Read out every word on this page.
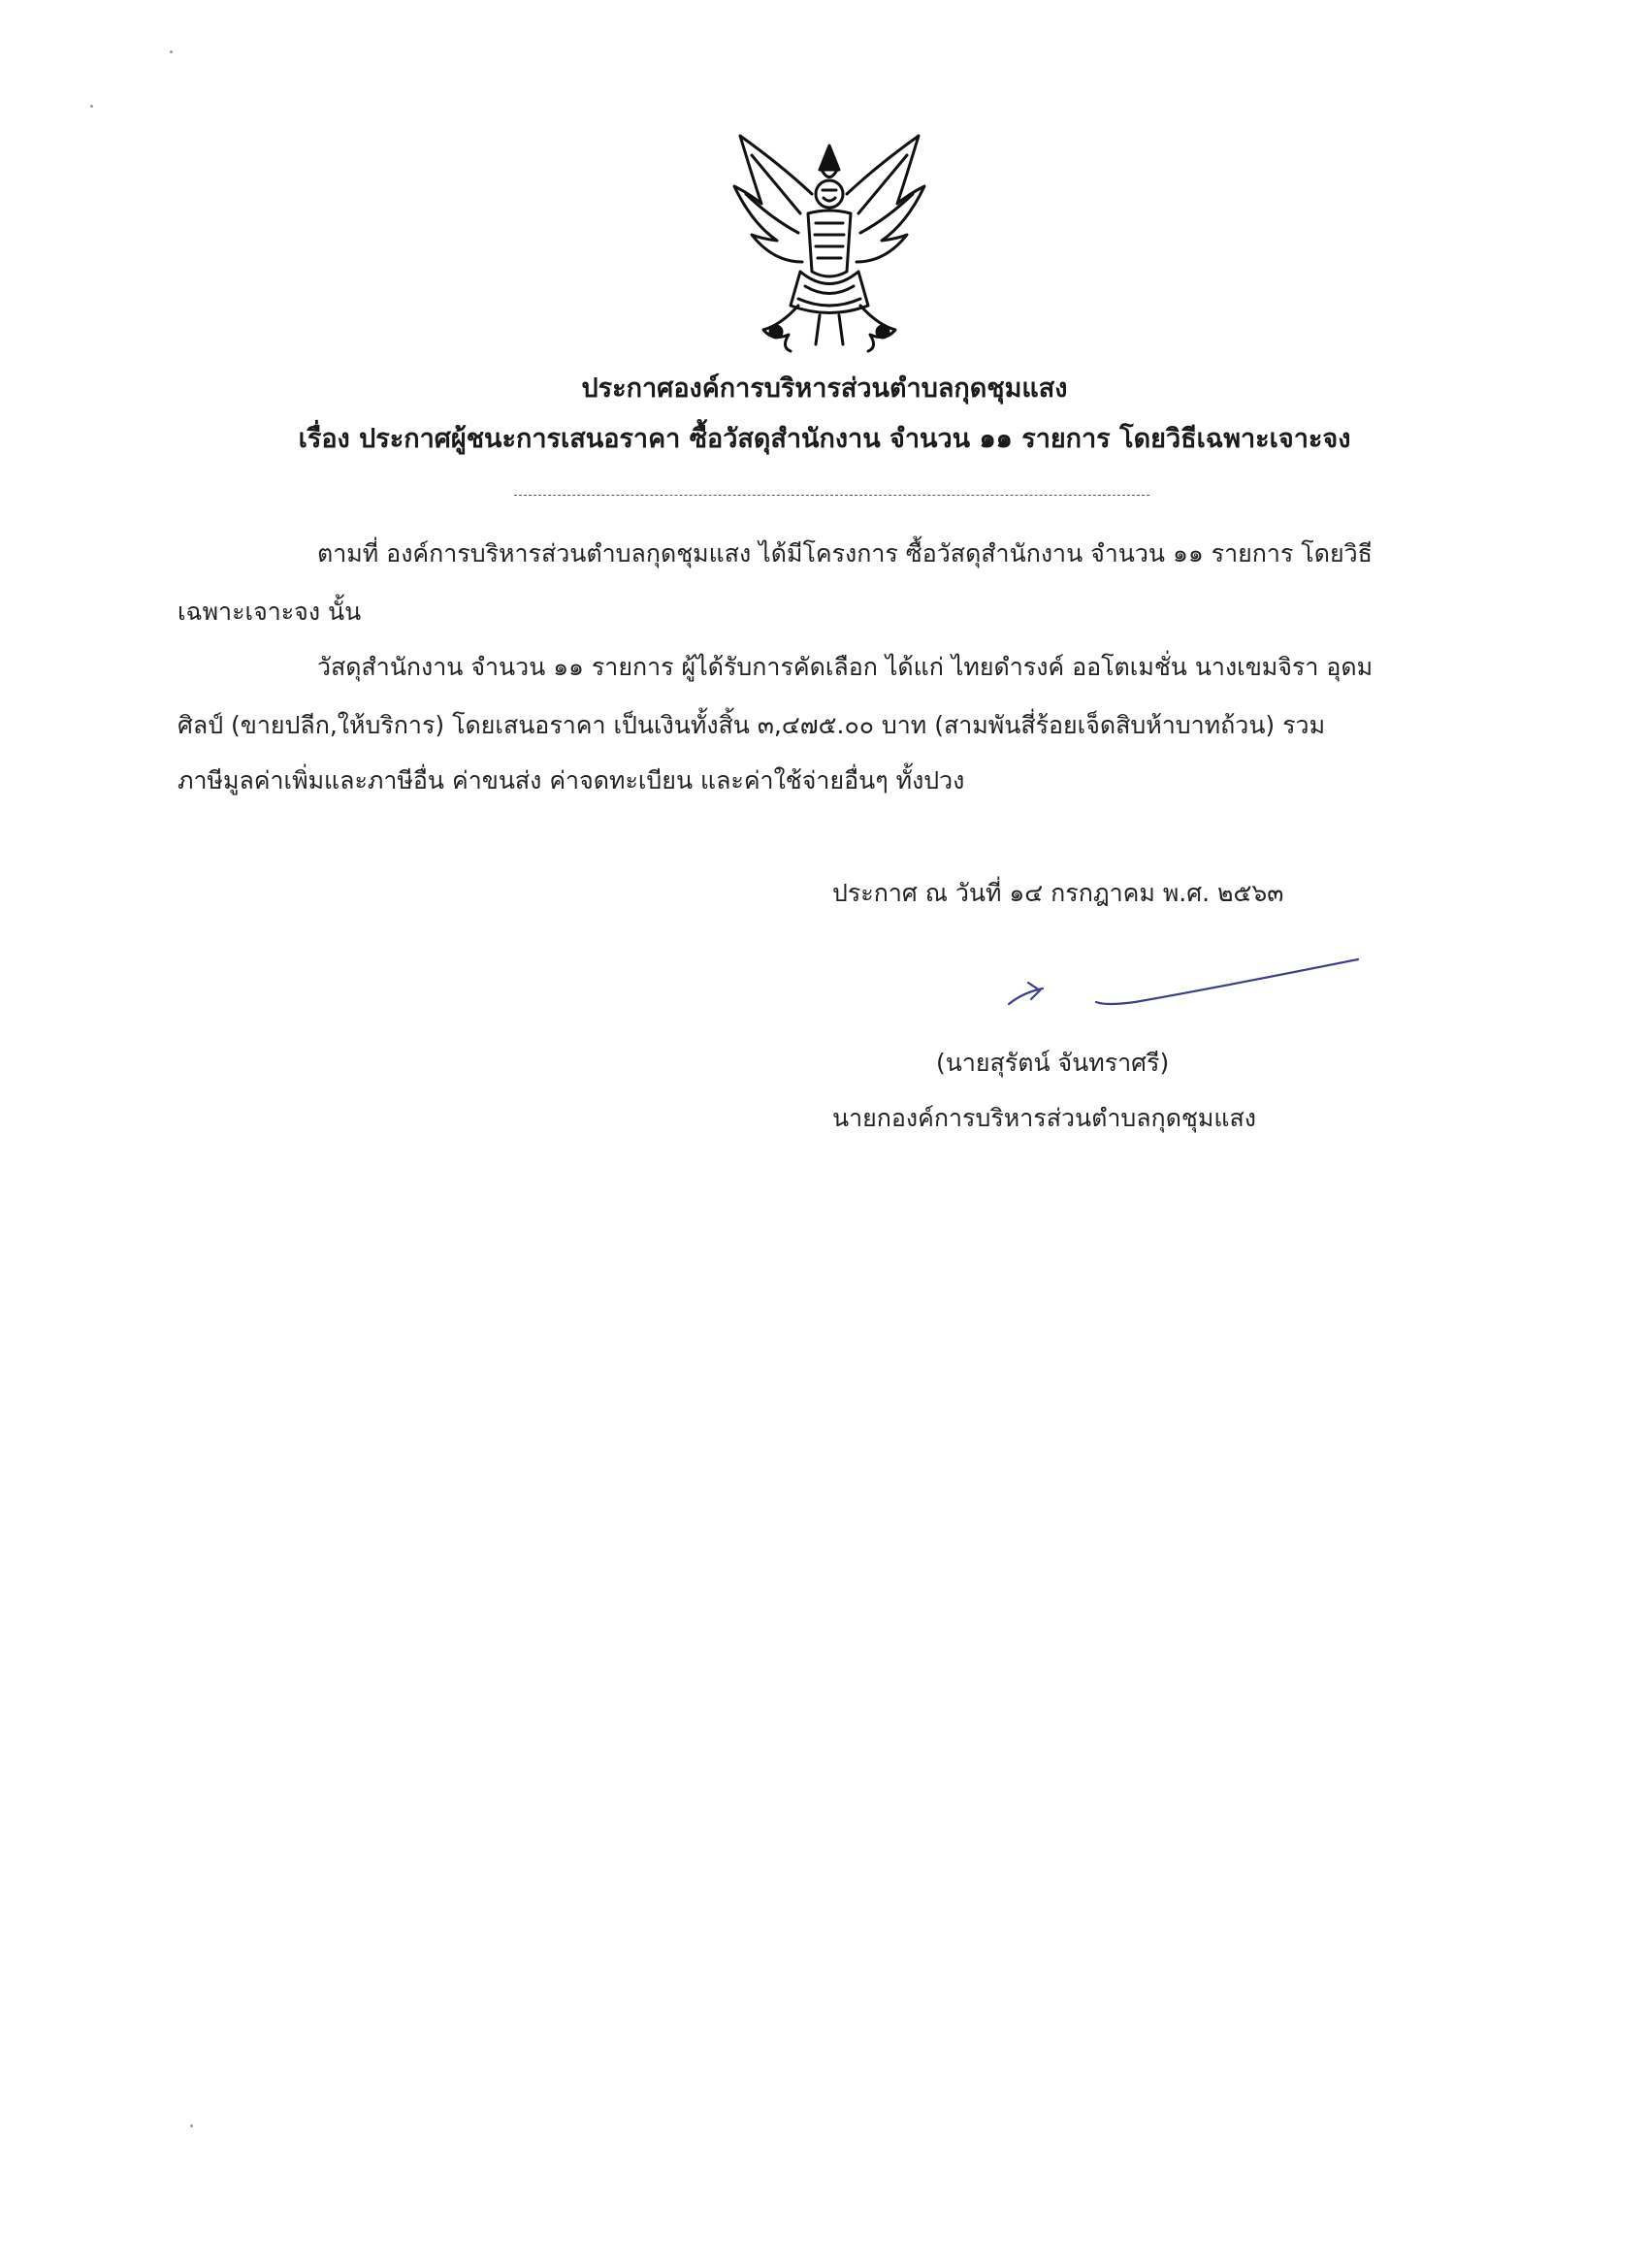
ประกาศองค์การบริหารส่วนตำบลกุดชุมแสง
เรื่อง ประกาศผู้ชนะการเสนอราคา ซื้อวัสดุสำนักงาน จำนวน ๑๑ รายการ โดยวิธีเฉพาะเจาะจง
ตามที่ องค์การบริหารส่วนตำบลกุดชุมแสง ได้มีโครงการ ซื้อวัสดุสำนักงาน จำนวน ๑๑ รายการ โดยวิธี
เฉพาะเจาะจง นั้น
วัสดุสำนักงาน จำนวน ๑๑ รายการ ผู้ได้รับการคัดเลือก ได้แก่ ไทยดำรงค์ ออโตเมชั่น นางเขมจิรา อุดม
ศิลป์ (ขายปลีก,ให้บริการ) โดยเสนอราคา เป็นเงินทั้งสิ้น ๓,๔๗๕.๐๐ บาท (สามพันสี่ร้อยเจ็ดสิบห้าบาทถ้วน) รวม
ภาษีมูลค่าเพิ่มและภาษีอื่น ค่าขนส่ง ค่าจดทะเบียน และค่าใช้จ่ายอื่นๆ ทั้งปวง
ประกาศ ณ วันที่ ๑๔ กรกฎาคม พ.ศ. ๒๕๖๓
(นายสุรัตน์ จันทราศรี)
นายกองค์การบริหารส่วนตำบลกุดชุมแสง
